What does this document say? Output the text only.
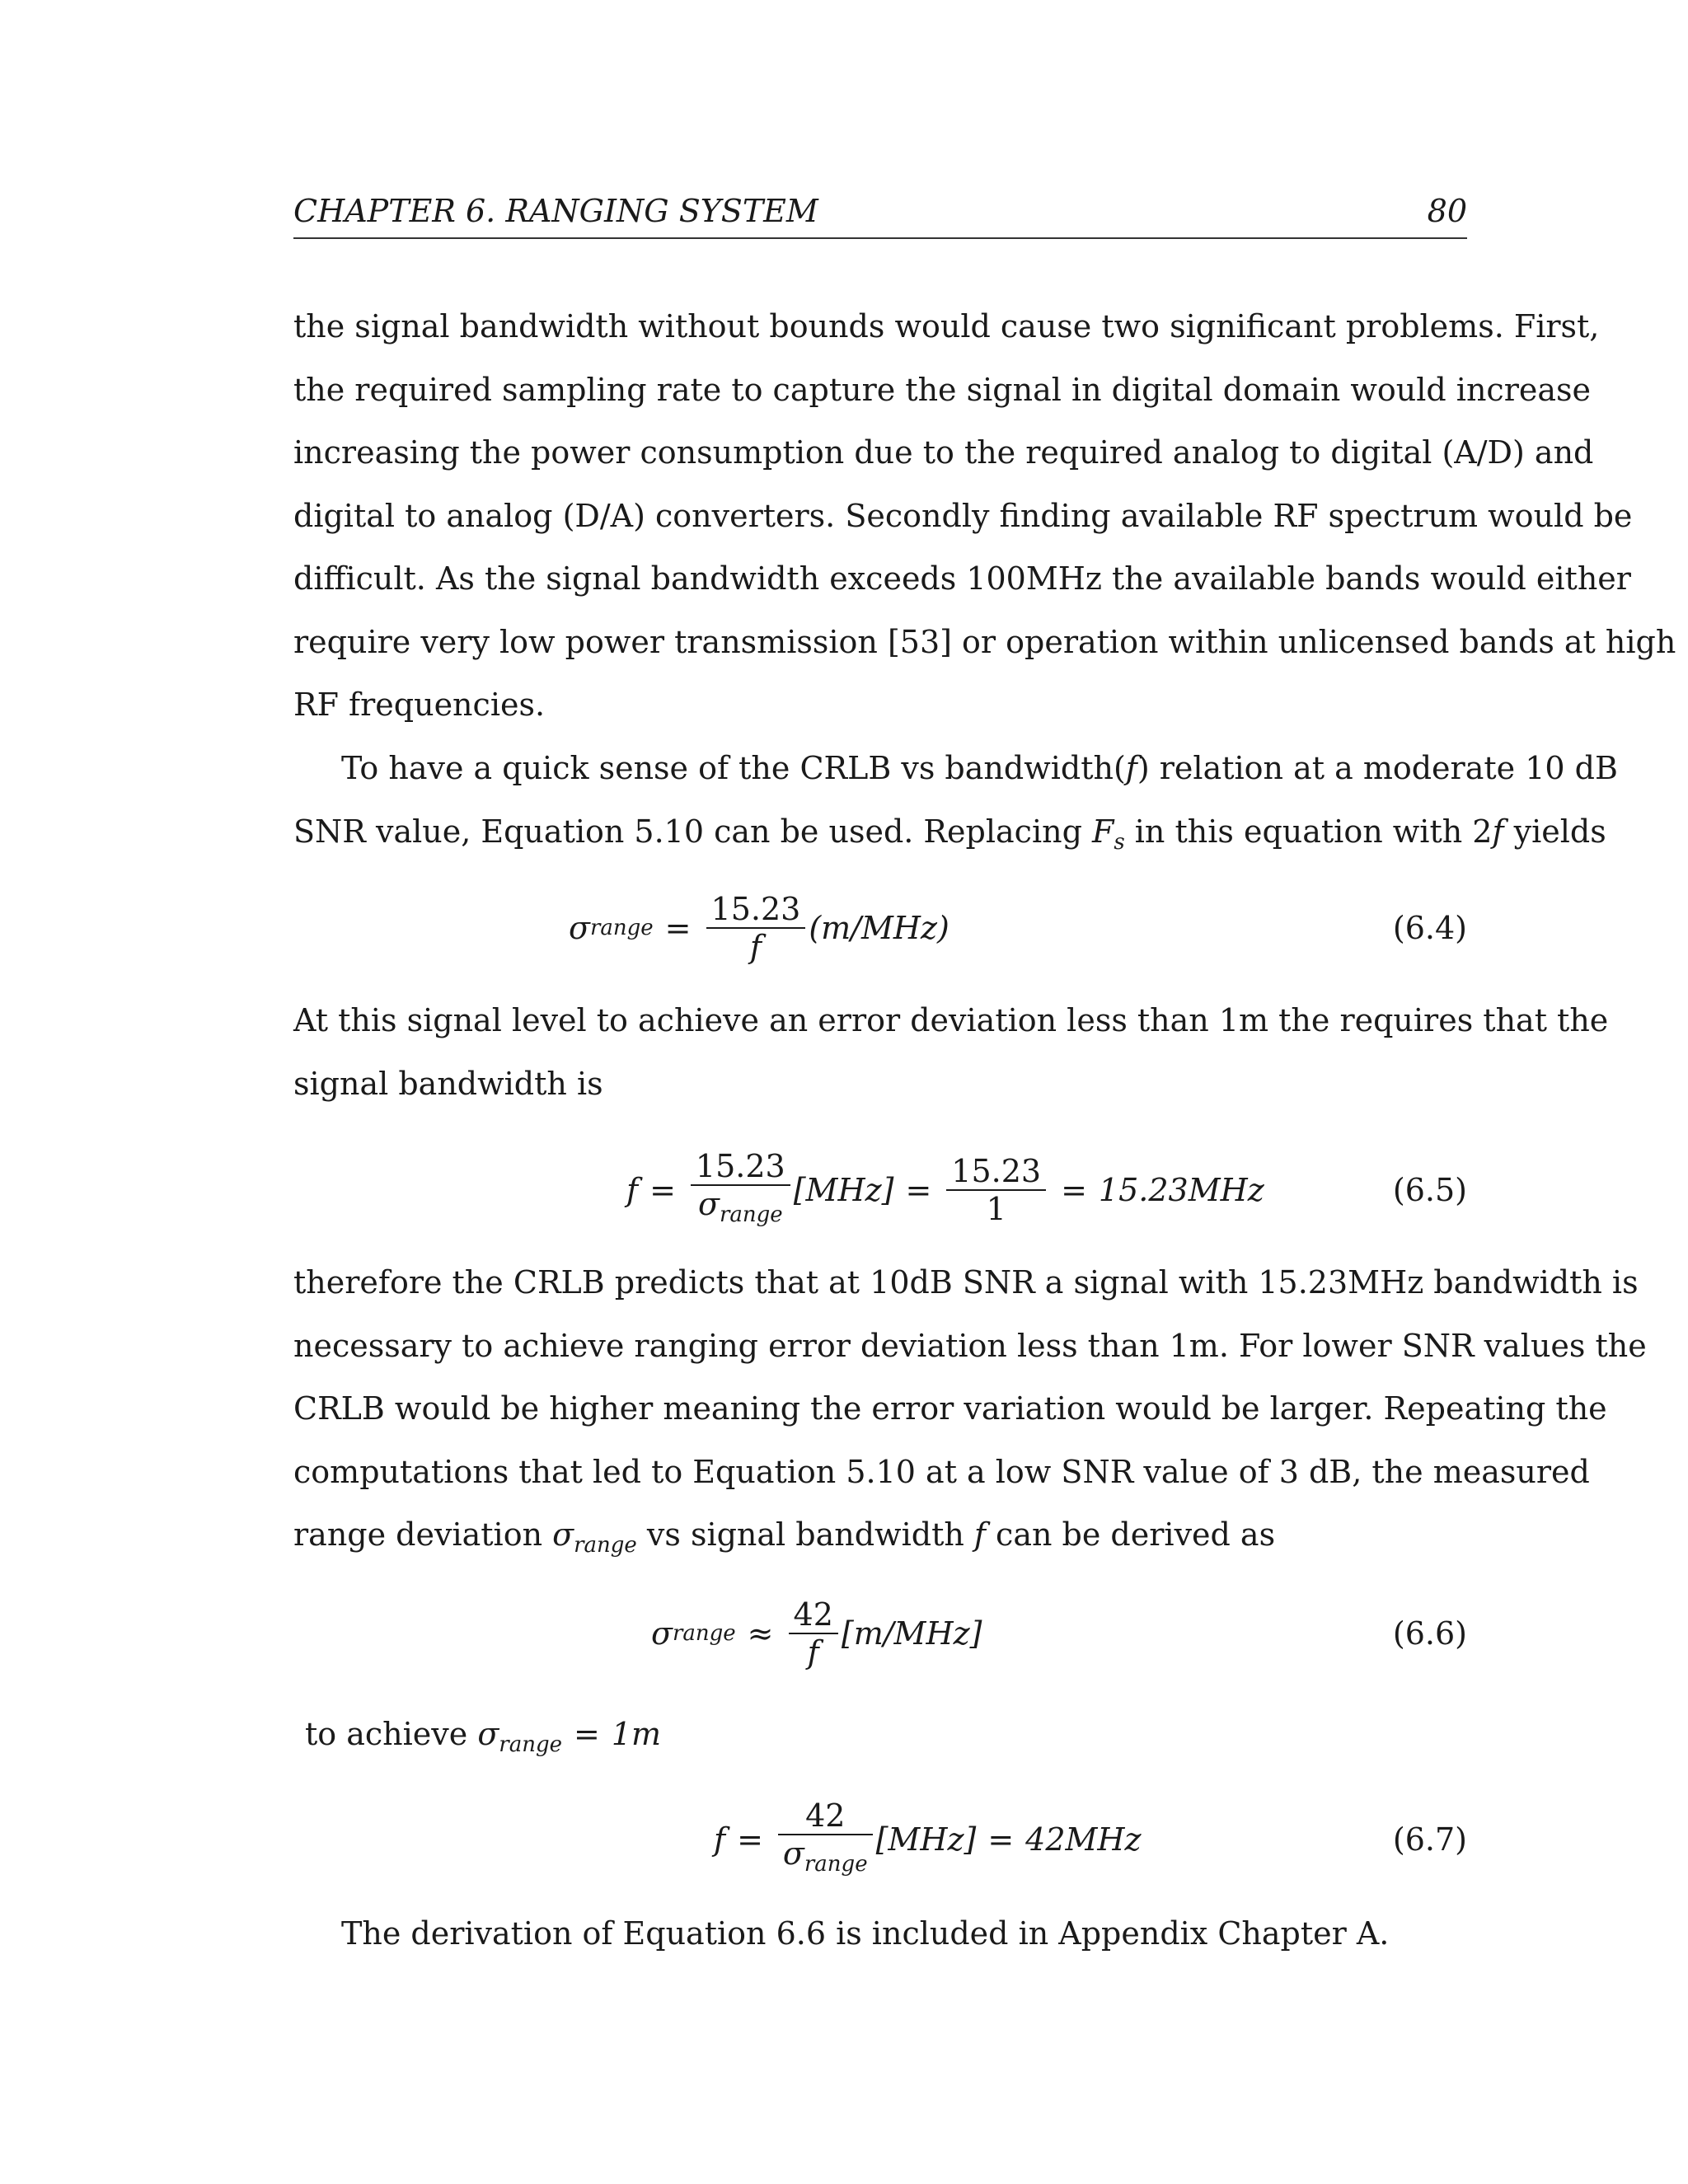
CHAPTER 6. RANGING SYSTEM	80
the signal bandwidth without bounds would cause two significant problems. First,
the required sampling rate to capture the signal in digital domain would increase
increasing the power consumption due to the required analog to digital (A/D) and
digital to analog (D/A) converters. Secondly finding available RF spectrum would be
difficult. As the signal bandwidth exceeds 100MHz the available bands would either
require very low power transmission [53] or operation within unlicensed bands at high
RF frequencies.
To have a quick sense of the CRLB vs bandwidth(f) relation at a moderate 10 dB
SNR value, Equation 5.10 can be used. Replacing $F_s$ in this equation with 2f yields
σ range = $\frac{15.23}{f} (m/MHz)$	(6.4)
At this signal level to achieve an error deviation less than 1m the requires that the
signal bandwidth is
$f = \frac{15.23}{\sigma_{range}} [MHz] = \frac{15.23}{1} = 15.23MHz$	(6.5)
therefore the CRLB predicts that at 10dB SNR a signal with 15.23MHz bandwidth is
necessary to achieve ranging error deviation less than 1m. For lower SNR values the
CRLB would be higher meaning the error variation would be larger. Repeating the
computations that led to Equation 5.10 at a low SNR value of 3 dB, the measured
range deviation $\sigma_{range}$ vs signal bandwidth f can be derived as
σ range ≈ $\frac{42}{f} [m/MHz]$	(6.6)
to achieve $\sigma_{range} = 1m$
$f = \frac{42}{\sigma_{range}} [MHz] = 42MHz$	(6.7)
The derivation of Equation 6.6 is included in Appendix Chapter A.
